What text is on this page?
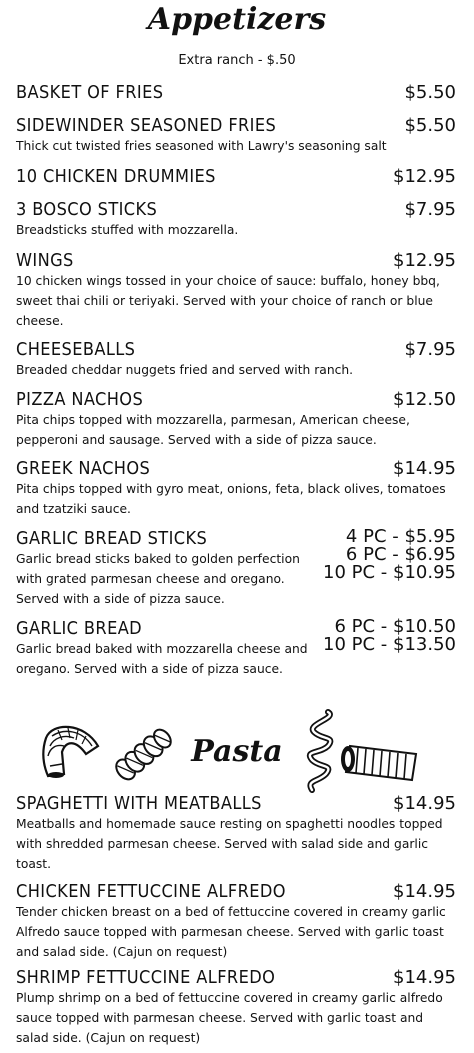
Appetizers
Extra ranch - $.50
BASKET OF FRIES	$5.50
SIDEWINDER SEASONED FRIES	$5.50
Thick cut twisted fries seasoned with Lawry's seasoning salt
10 CHICKEN DRUMMIES	$12.95
3 BOSCO STICKS	$7.95
Breadsticks stuffed with mozzarella.
WINGS	$12.95
10 chicken wings tossed in your choice of sauce: buffalo, honey bbq, sweet thai chili or teriyaki. Served with your choice of ranch or blue cheese.
CHEESEBALLS	$7.95
Breaded cheddar nuggets fried and served with ranch.
PIZZA NACHOS	$12.50
Pita chips topped with mozzarella, parmesan, American cheese, pepperoni and sausage. Served with a side of pizza sauce.
GREEK NACHOS	$14.95
Pita chips topped with gyro meat, onions, feta, black olives, tomatoes and tzatziki sauce.
GARLIC BREAD STICKS	4 PC - $5.95
6 PC - $6.95
10 PC - $10.95
Garlic bread sticks baked to golden perfection with grated parmesan cheese and oregano. Served with a side of pizza sauce.
GARLIC BREAD	6 PC - $10.50
10 PC - $13.50
Garlic bread baked with mozzarella cheese and oregano. Served with a side of pizza sauce.
Pasta
SPAGHETTI WITH MEATBALLS	$14.95
Meatballs and homemade sauce resting on spaghetti noodles topped with shredded parmesan cheese. Served with salad side and garlic toast.
CHICKEN FETTUCCINE ALFREDO	$14.95
Tender chicken breast on a bed of fettuccine covered in creamy garlic Alfredo sauce topped with parmesan cheese. Served with garlic toast and salad side. (Cajun on request)
SHRIMP FETTUCCINE ALFREDO	$14.95
Plump shrimp on a bed of fettuccine covered in creamy garlic alfredo sauce topped with parmesan cheese. Served with garlic toast and salad side. (Cajun on request)
